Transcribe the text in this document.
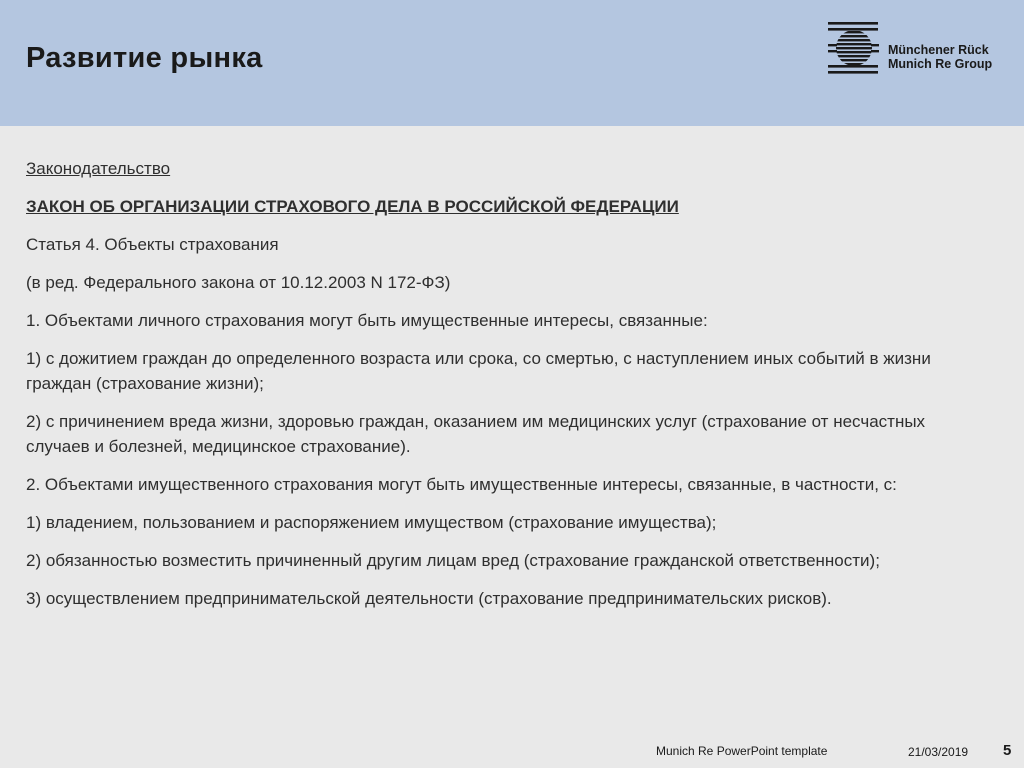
Развитие рынка	Münchener Rück
Munich Re Group

Законодательство

ЗАКОН ОБ ОРГАНИЗАЦИИ СТРАХОВОГО ДЕЛА В РОССИЙСКОЙ ФЕДЕРАЦИИ

Статья 4. Объекты страхования

(в ред. Федерального закона от 10.12.2003 N 172-ФЗ)

1. Объектами личного страхования могут быть имущественные интересы, связанные:

1) с дожитием граждан до определенного возраста или срока, со смертью, с наступлением иных событий в жизни граждан (страхование жизни);

2) с причинением вреда жизни, здоровью граждан, оказанием им медицинских услуг (страхование от несчастных случаев и болезней, медицинское страхование).

2. Объектами имущественного страхования могут быть имущественные интересы, связанные, в частности, с:

1) владением, пользованием и распоряжением имуществом (страхование имущества);

2) обязанностью возместить причиненный другим лицам вред (страхование гражданской ответственности);

3) осуществлением предпринимательской деятельности (страхование предпринимательских рисков).

Munich Re PowerPoint template	21/03/2019 5
